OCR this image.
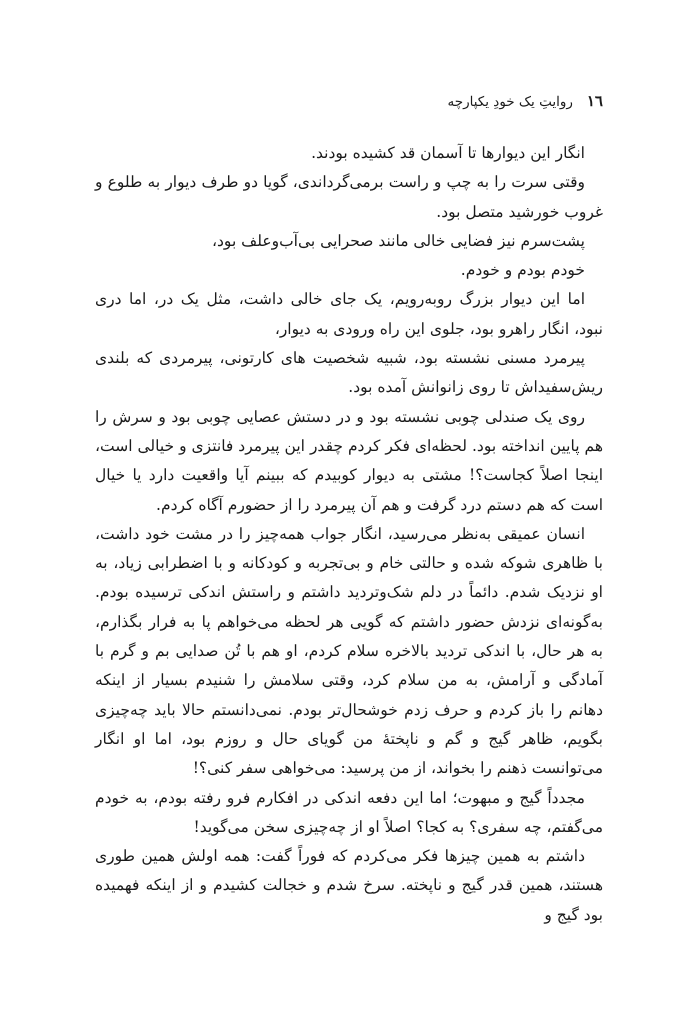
١٦
روایتِ یک خودِ یکپارچه

انگار این دیوارها تا آسمان قد کشیده بودند.

وقتی سرت را به چپ و راست برمی‌گرداندی، گویا دو طرف دیوار به طلوع و غروب خورشید متصل بود.

پشت‌سرم نیز فضایی خالی مانند صحرایی بی‌آب‌وعلف بود،

خودم بودم و خودم.

اما این دیوار بزرگ روبه‌رویم، یک جای خالی داشت، مثل یک در، اما دری نبود، انگار راهرو بود، جلوی این راه ورودی به دیوار،

پیرمرد مسنی نشسته بود، شبیه شخصیت های کارتونی، پیرمردی که بلندی ریش‌سفیداش تا روی زانوانش آمده بود.

روی یک صندلی چوبی نشسته بود و در دستش عصایی چوبی بود و سرش را هم پایین انداخته بود. لحظه‌ای فکر کردم چقدر این پیرمرد فانتزی و خیالی است، اینجا اصلاً کجاست؟! مشتی به دیوار کوبیدم که ببینم آیا واقعیت دارد یا خیال است که هم دستم درد گرفت و هم آن پیرمرد را از حضورم آگاه کردم.

انسان عمیقی به‌نظر می‌رسید، انگار جواب همه‌چیز را در مشت خود داشت، با ظاهری شوکه شده و حالتی خام و بی‌تجربه و کودکانه و با اضطرابی زیاد، به او نزدیک شدم. دائماً در دلم شک‌وتردید داشتم و راستش اندکی ترسیده بودم. به‌گونه‌ای نزدش حضور داشتم که گویی هر لحظه می‌خواهم پا به فرار بگذارم، به هر حال، با اندکی تردید بالاخره سلام کردم، او هم با تُن صدایی بم و گرم با آمادگی و آرامش، به من سلام کرد، وقتی سلامش را شنیدم بسیار از اینکه دهانم را باز کردم و حرف زدم خوشحال‌تر بودم. نمی‌دانستم حالا باید چه‌چیزی بگویم، ظاهر گیج و گم و ناپختهٔ من گویای حال و روزم بود، اما او انگار می‌توانست ذهنم را بخواند، از من پرسید: می‌خواهی سفر کنی؟!

مجدداً گیج و مبهوت؛ اما این دفعه اندکی در افکارم فرو رفته بودم، به خودم می‌گفتم، چه سفری؟ به کجا؟ اصلاً او از چه‌چیزی سخن می‌گوید!

داشتم به همین چیزها فکر می‌کردم که فوراً گفت: همه اولش همین طوری هستند، همین قدر گیج و ناپخته. سرخ شدم و خجالت کشیدم و از اینکه فهمیده بود گیج و
